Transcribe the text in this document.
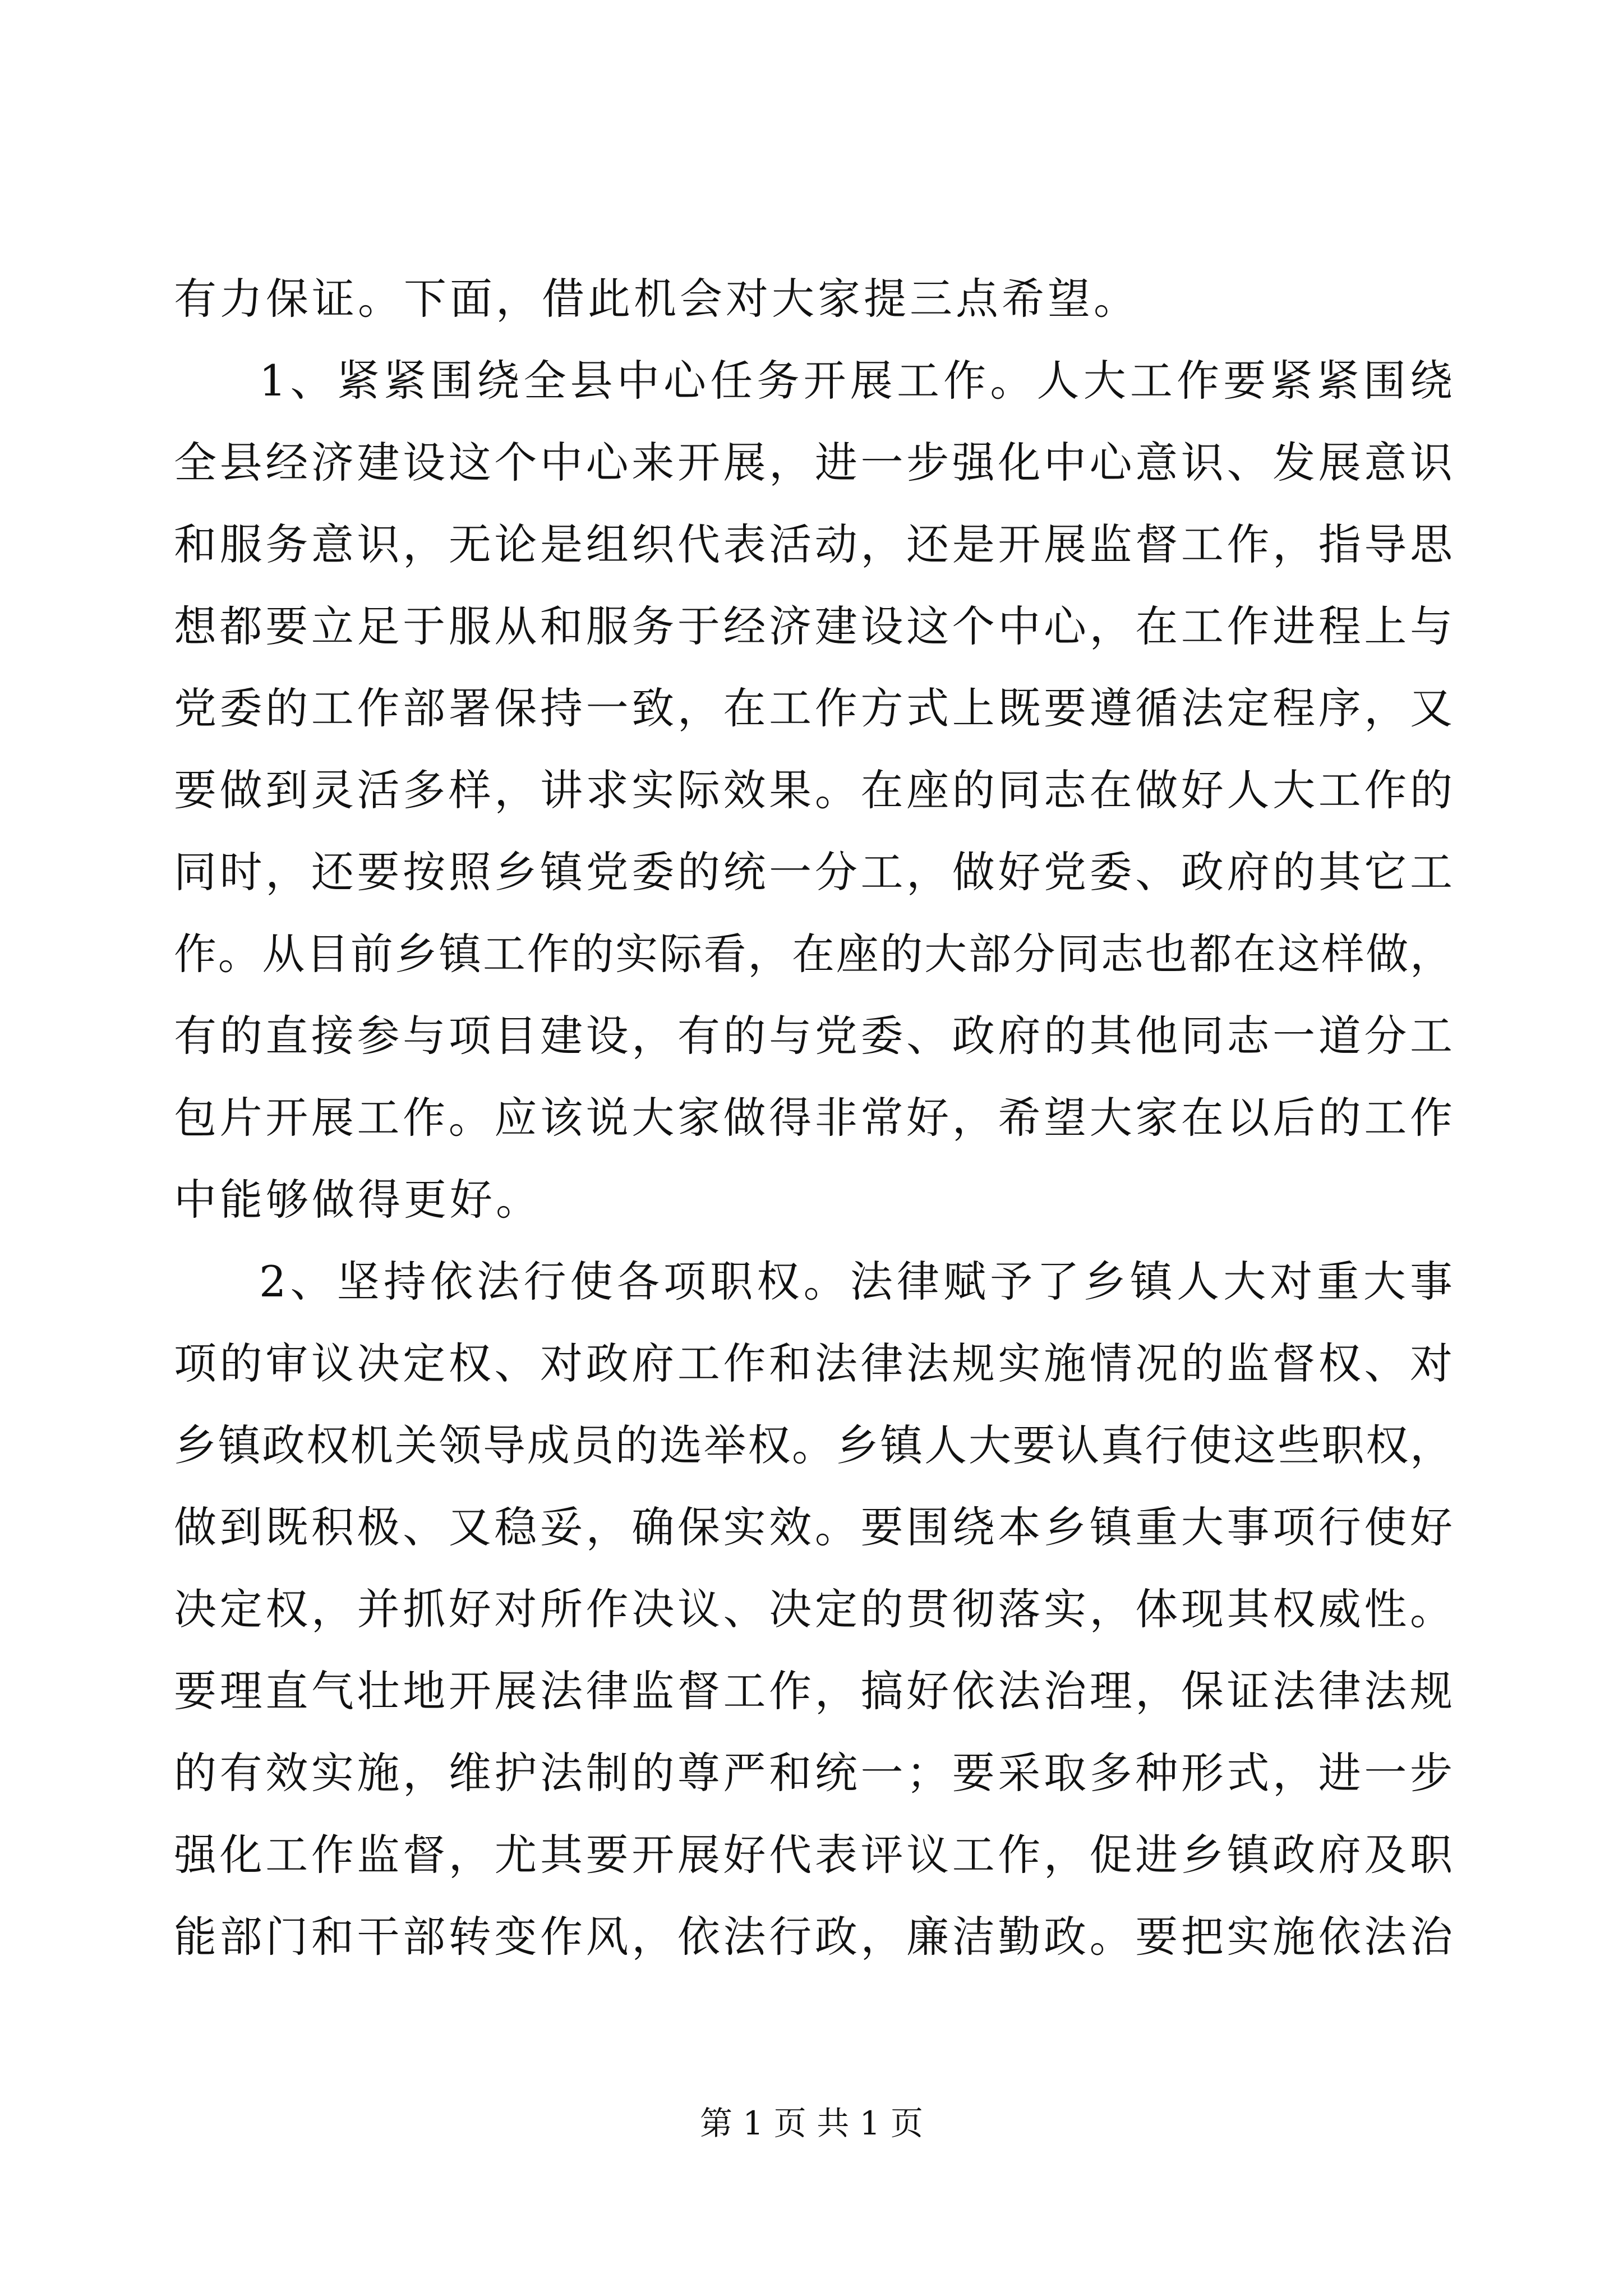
有力保证。下面，借此机会对大家提三点希望。
1、紧紧围绕全县中心任务开展工作。人大工作要紧紧围绕
全县经济建设这个中心来开展，进一步强化中心意识、发展意识
和服务意识，无论是组织代表活动，还是开展监督工作，指导思
想都要立足于服从和服务于经济建设这个中心，在工作进程上与
党委的工作部署保持一致，在工作方式上既要遵循法定程序，又
要做到灵活多样，讲求实际效果。在座的同志在做好人大工作的
同时，还要按照乡镇党委的统一分工，做好党委、政府的其它工
作。从目前乡镇工作的实际看，在座的大部分同志也都在这样做，
有的直接参与项目建设，有的与党委、政府的其他同志一道分工
包片开展工作。应该说大家做得非常好，希望大家在以后的工作
中能够做得更好。
2、坚持依法行使各项职权。法律赋予了乡镇人大对重大事
项的审议决定权、对政府工作和法律法规实施情况的监督权、对
乡镇政权机关领导成员的选举权。乡镇人大要认真行使这些职权，
做到既积极、又稳妥，确保实效。要围绕本乡镇重大事项行使好
决定权，并抓好对所作决议、决定的贯彻落实，体现其权威性。
要理直气壮地开展法律监督工作，搞好依法治理，保证法律法规
的有效实施，维护法制的尊严和统一；要采取多种形式，进一步
强化工作监督，尤其要开展好代表评议工作，促进乡镇政府及职
能部门和干部转变作风，依法行政，廉洁勤政。要把实施依法治
第 1 页 共 1 页
